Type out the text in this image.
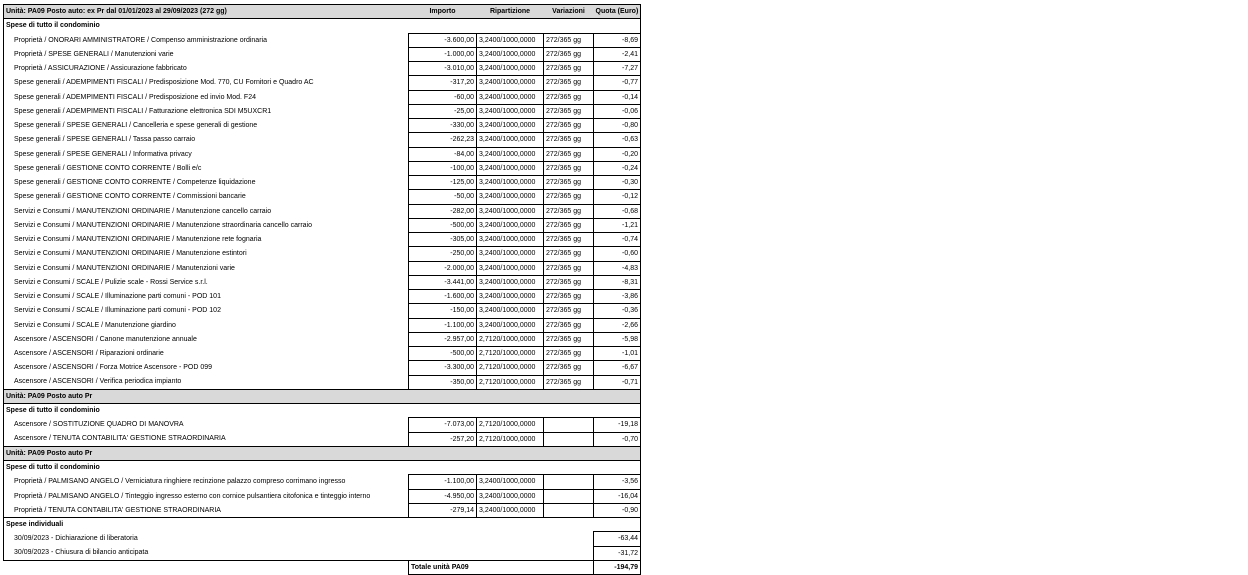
Unità: PA09 Posto auto: ex Pr dal 01/01/2023 al 29/09/2023 (272 gg)	Importo	Ripartizione	Variazioni	Quota (Euro)
Spese di tutto il condominio				
Proprietà / ONORARI AMMINISTRATORE / Compenso amministrazione ordinaria	-3.600,00	3,2400/1000,0000	272/365 gg	-8,69
Proprietà / SPESE GENERALI / Manutenzioni varie	-1.000,00	3,2400/1000,0000	272/365 gg	-2,41
Proprietà / ASSICURAZIONE / Assicurazione fabbricato	-3.010,00	3,2400/1000,0000	272/365 gg	-7,27
Spese generali / ADEMPIMENTI FISCALI / Predisposizione Mod. 770, CU Fornitori e Quadro AC	-317,20	3,2400/1000,0000	272/365 gg	-0,77
Spese generali / ADEMPIMENTI FISCALI / Predisposizione ed invio Mod. F24	-60,00	3,2400/1000,0000	272/365 gg	-0,14
Spese generali / ADEMPIMENTI FISCALI / Fatturazione elettronica SDI M5UXCR1	-25,00	3,2400/1000,0000	272/365 gg	-0,06
Spese generali / SPESE GENERALI / Cancelleria e spese generali di gestione	-330,00	3,2400/1000,0000	272/365 gg	-0,80
Spese generali / SPESE GENERALI / Tassa passo carraio	-262,23	3,2400/1000,0000	272/365 gg	-0,63
Spese generali / SPESE GENERALI / Informativa privacy	-84,00	3,2400/1000,0000	272/365 gg	-0,20
Spese generali / GESTIONE CONTO CORRENTE / Bolli e/c	-100,00	3,2400/1000,0000	272/365 gg	-0,24
Spese generali / GESTIONE CONTO CORRENTE / Competenze liquidazione	-125,00	3,2400/1000,0000	272/365 gg	-0,30
Spese generali / GESTIONE CONTO CORRENTE / Commissioni bancarie	-50,00	3,2400/1000,0000	272/365 gg	-0,12
Servizi e Consumi / MANUTENZIONI ORDINARIE / Manutenzione cancello carraio	-282,00	3,2400/1000,0000	272/365 gg	-0,68
Servizi e Consumi / MANUTENZIONI ORDINARIE / Manutenzione straordinaria cancello carraio	-500,00	3,2400/1000,0000	272/365 gg	-1,21
Servizi e Consumi / MANUTENZIONI ORDINARIE / Manutenzione rete fognaria	-305,00	3,2400/1000,0000	272/365 gg	-0,74
Servizi e Consumi / MANUTENZIONI ORDINARIE / Manutenzione estintori	-250,00	3,2400/1000,0000	272/365 gg	-0,60
Servizi e Consumi / MANUTENZIONI ORDINARIE / Manutenzioni varie	-2.000,00	3,2400/1000,0000	272/365 gg	-4,83
Servizi e Consumi / SCALE / Pulizie scale - Rossi Service s.r.l.	-3.441,00	3,2400/1000,0000	272/365 gg	-8,31
Servizi e Consumi / SCALE / Illuminazione parti comuni - POD 101	-1.600,00	3,2400/1000,0000	272/365 gg	-3,86
Servizi e Consumi / SCALE / Illuminazione parti comuni - POD 102	-150,00	3,2400/1000,0000	272/365 gg	-0,36
Servizi e Consumi / SCALE / Manutenzione giardino	-1.100,00	3,2400/1000,0000	272/365 gg	-2,66
Ascensore / ASCENSORI / Canone manutenzione annuale	-2.957,00	2,7120/1000,0000	272/365 gg	-5,98
Ascensore / ASCENSORI / Riparazioni ordinarie	-500,00	2,7120/1000,0000	272/365 gg	-1,01
Ascensore / ASCENSORI / Forza Motrice Ascensore - POD 099	-3.300,00	2,7120/1000,0000	272/365 gg	-6,67
Ascensore / ASCENSORI / Verifica periodica impianto	-350,00	2,7120/1000,0000	272/365 gg	-0,71
Unità: PA09 Posto auto Pr				
Spese di tutto il condominio				
Ascensore / SOSTITUZIONE QUADRO DI MANOVRA	-7.073,00	2,7120/1000,0000		-19,18
Ascensore / TENUTA CONTABILITA' GESTIONE STRAORDINARIA	-257,20	2,7120/1000,0000		-0,70
Unità: PA09 Posto auto Pr				
Spese di tutto il condominio				
Proprietà / PALMISANO ANGELO / Verniciatura ringhiere recinzione palazzo compreso corrimano ingresso	-1.100,00	3,2400/1000,0000		-3,56
Proprietà / PALMISANO ANGELO / Tinteggio ingresso esterno con cornice pulsantiera citofonica e tinteggio interno	-4.950,00	3,2400/1000,0000		-16,04
Proprietà / TENUTA CONTABILITA' GESTIONE STRAORDINARIA	-279,14	3,2400/1000,0000		-0,90
Spese individuali				
30/09/2023 - Dichiarazione di liberatoria				-63,44
30/09/2023 - Chiusura di bilancio anticipata				-31,72
	Totale unità PA09			-194,79
